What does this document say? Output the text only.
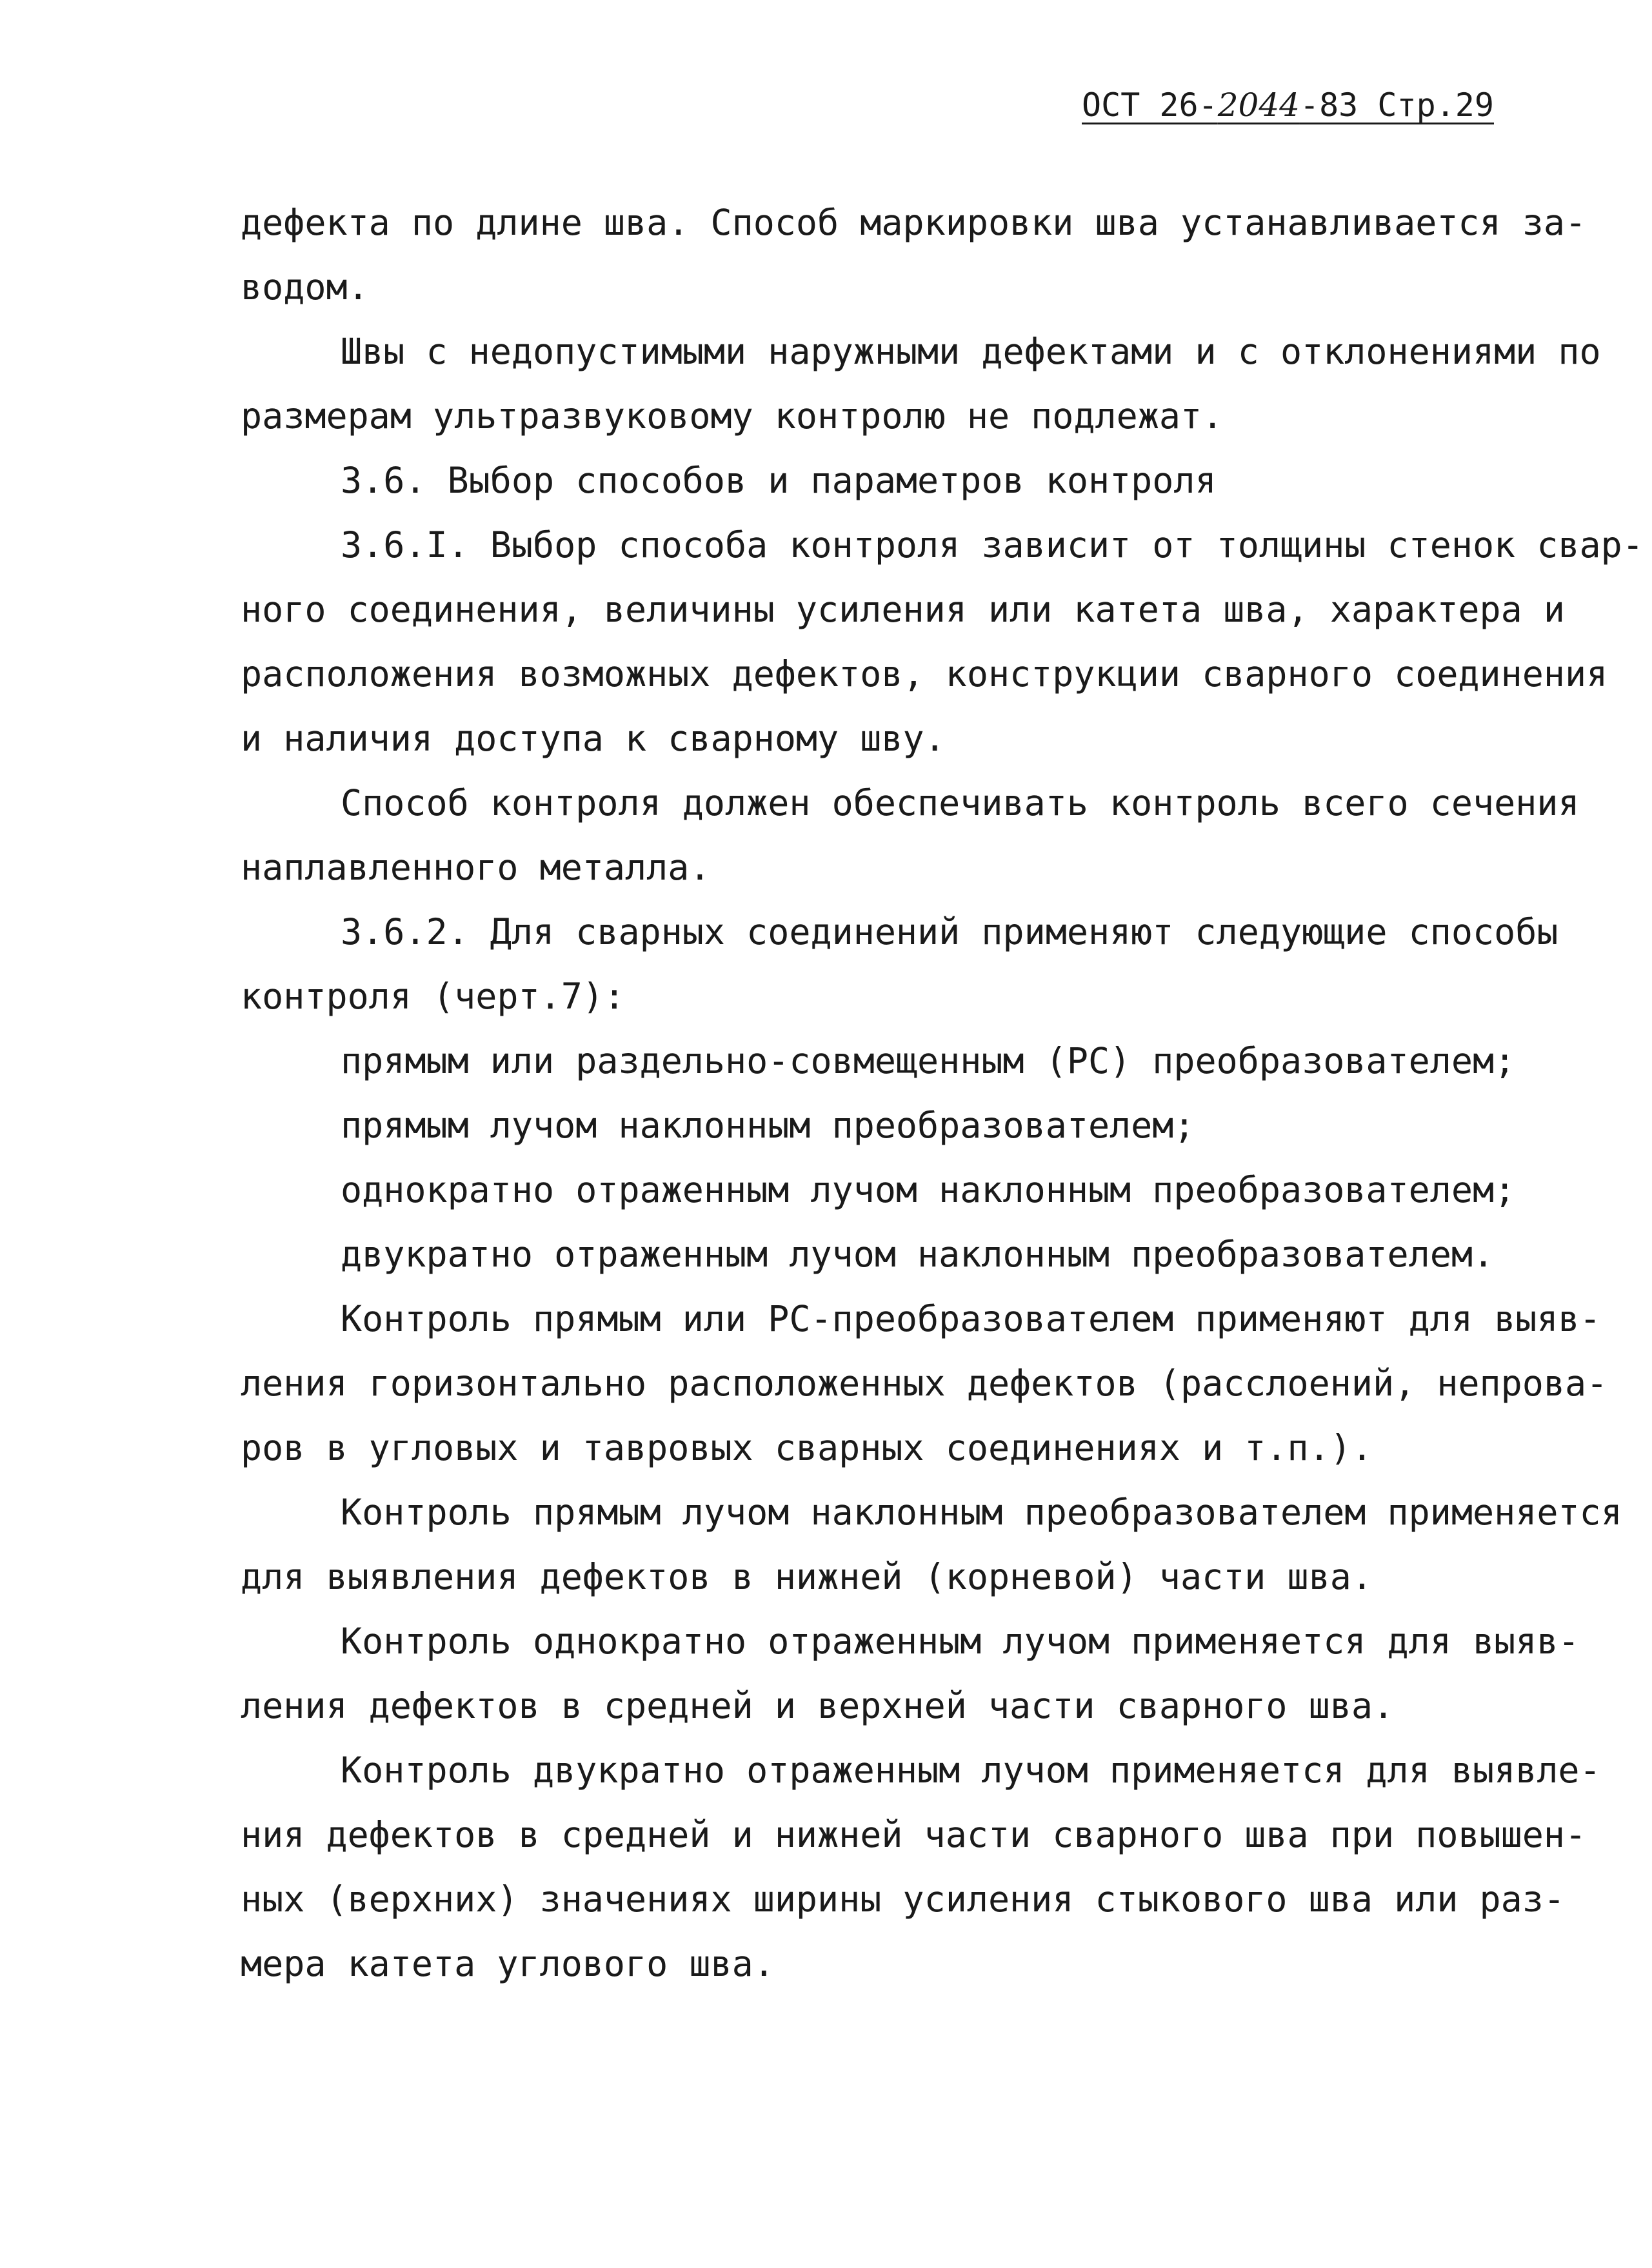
ОСТ 26-2044-83 Стр.29
дефекта по длине шва. Способ маркировки шва устанавливается за-
водом.
Швы с недопустимыми наружными дефектами и с отклонениями по
размерам ультразвуковому контролю не подлежат.
3.6. Выбор способов и параметров контроля
3.6.I. Выбор способа контроля зависит от толщины стенок свар-
ного соединения, величины усиления или катета шва, характера и
расположения возможных дефектов, конструкции сварного соединения
и наличия доступа к сварному шву.
Способ контроля должен обеспечивать контроль всего сечения
наплавленного металла.
3.6.2. Для сварных соединений применяют следующие способы
контроля (черт.7):
прямым или раздельно-совмещенным (РС) преобразователем;
прямым лучом наклонным преобразователем;
однократно отраженным лучом наклонным преобразователем;
двукратно отраженным лучом наклонным преобразователем.
Контроль прямым или РС-преобразователем применяют для выяв-
ления горизонтально расположенных дефектов (расслоений, непрова-
ров в угловых и тавровых сварных соединениях и т.п.).
Контроль прямым лучом наклонным преобразователем применяется
для выявления дефектов в нижней (корневой) части шва.
Контроль однократно отраженным лучом применяется для выяв-
ления дефектов в средней и верхней части сварного шва.
Контроль двукратно отраженным лучом применяется для выявле-
ния дефектов в средней и нижней части сварного шва при повышен-
ных (верхних) значениях ширины усиления стыкового шва или раз-
мера катета углового шва.
